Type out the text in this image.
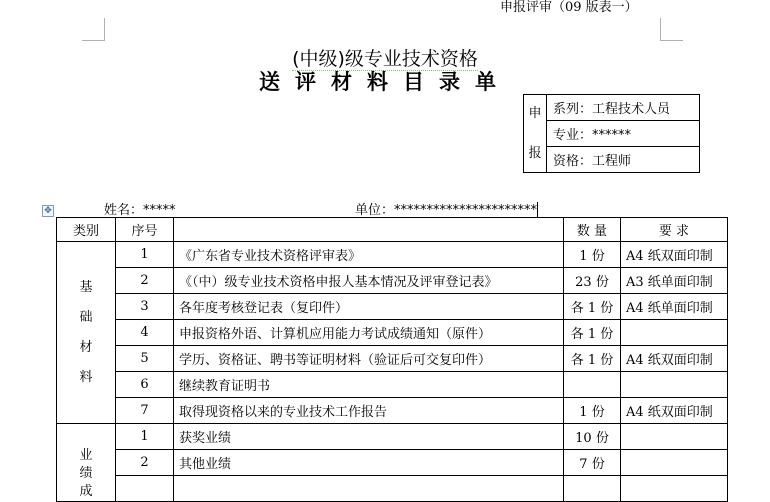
申报评审（09 版表一）
(中级)级专业技术资格
送评材料目录单
申
报
	系列：工程技术人员
专业：******
资格：工程师
姓名：*****	单位：**********************
✥
类别	序号		数 量	要 求

基
础
材
料	1	《广东省专业技术资格评审表》	1 份	A4 纸双面印制
	2	《（中）级专业技术资格申报人基本情况及评审登记表》	23 份	A3 纸单面印制
	3	各年度考核登记表（复印件）	各 1 份	A4 纸单面印制
	4	申报资格外语、计算机应用能力考试成绩通知（原件）	各 1 份	
	5	学历、资格证、聘书等证明材料（验证后可交复印件）	各 1 份	A4 纸双面印制
	6	继续教育证明书		
	7	取得现资格以来的专业技术工作报告	1 份	A4 纸双面印制

业
绩
成	1	获奖业绩	10 份	
	2	其他业绩	7 份	
